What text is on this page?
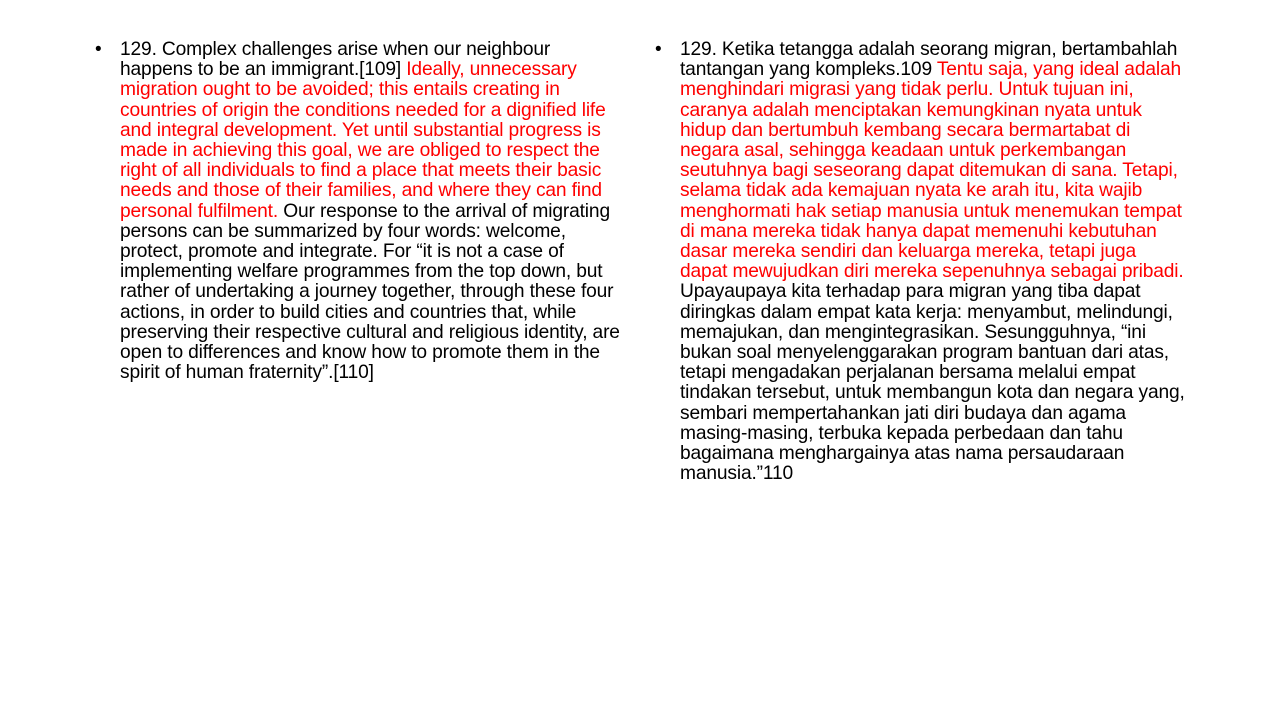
• 129. Complex challenges arise when our neighbour happens to be an immigrant.[109] Ideally, unnecessary migration ought to be avoided; this entails creating in countries of origin the conditions needed for a dignified life and integral development. Yet until substantial progress is made in achieving this goal, we are obliged to respect the right of all individuals to find a place that meets their basic needs and those of their families, and where they can find personal fulfilment. Our response to the arrival of migrating persons can be summarized by four words: welcome, protect, promote and integrate. For “it is not a case of implementing welfare programmes from the top down, but rather of undertaking a journey together, through these four actions, in order to build cities and countries that, while preserving their respective cultural and religious identity, are open to differences and know how to promote them in the spirit of human fraternity”.[110]
• 129. Ketika tetangga adalah seorang migran, bertambahlah tantangan yang kompleks.109 Tentu saja, yang ideal adalah menghindari migrasi yang tidak perlu. Untuk tujuan ini, caranya adalah menciptakan kemungkinan nyata untuk hidup dan bertumbuh kembang secara bermartabat di negara asal, sehingga keadaan untuk perkembangan seutuhnya bagi seseorang dapat ditemukan di sana. Tetapi, selama tidak ada kemajuan nyata ke arah itu, kita wajib menghormati hak setiap manusia untuk menemukan tempat di mana mereka tidak hanya dapat memenuhi kebutuhan dasar mereka sendiri dan keluarga mereka, tetapi juga dapat mewujudkan diri mereka sepenuhnya sebagai pribadi. Upayaupaya kita terhadap para migran yang tiba dapat diringkas dalam empat kata kerja: menyambut, melindungi, memajukan, dan mengintegrasikan. Sesungguhnya, “ini bukan soal menyelenggarakan program bantuan dari atas, tetapi mengadakan perjalanan bersama melalui empat tindakan tersebut, untuk membangun kota dan negara yang, sembari mempertahankan jati diri budaya dan agama masing-masing, terbuka kepada perbedaan dan tahu bagaimana menghargainya atas nama persaudaraan manusia.”110
